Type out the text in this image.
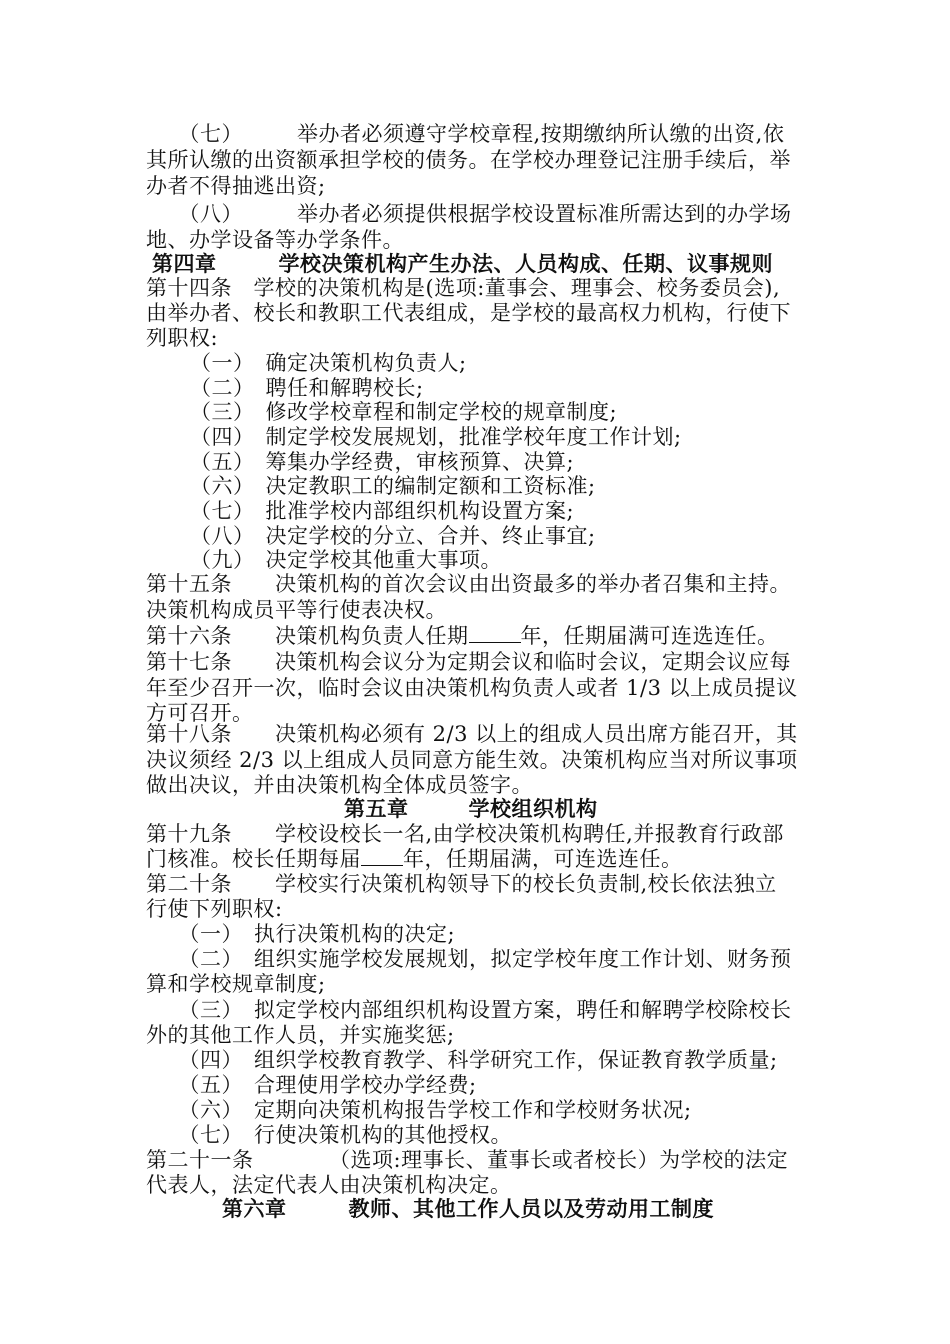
　　（七）　　　举办者必须遵守学校章程,按期缴纳所认缴的出资,依
其所认缴的出资额承担学校的债务。在学校办理登记注册手续后，举
办者不得抽逃出资;
　　（八）　　　举办者必须提供根据学校设置标准所需达到的办学场
地、办学设备等办学条件。
第四章	学校决策机构产生办法、人员构成、任期、议事规则
第十四条　学校的决策机构是(选项:董事会、理事会、校务委员会),
由举办者、校长和教职工代表组成，是学校的最高权力机构，行使下
列职权:
（一）　确定决策机构负责人;
（二）　聘任和解聘校长;
（三）　修改学校章程和制定学校的规章制度;
（四）　制定学校发展规划，批准学校年度工作计划;
（五）　筹集办学经费，审核预算、决算;
（六）　决定教职工的编制定额和工资标准;
（七）　批准学校内部组织机构设置方案;
（八）　决定学校的分立、合并、终止事宜;
（九）　决定学校其他重大事项。
第十五条　　决策机构的首次会议由出资最多的举办者召集和主持。
决策机构成员平等行使表决权。
第十六条　　决策机构负责人任期 年，任期届满可连选连任。
第十七条　　决策机构会议分为定期会议和临时会议，定期会议应每
年至少召开一次，临时会议由决策机构负责人或者 1/3 以上成员提议
方可召开。
第十八条　　决策机构必须有 2/3 以上的组成人员出席方能召开，其
决议须经 2/3 以上组成人员同意方能生效。决策机构应当对所议事项
做出决议，并由决策机构全体成员签字。
第五章	学校组织机构
第十九条　　学校设校长一名,由学校决策机构聘任,并报教育行政部
门核准。校长任期每届 年，任期届满，可连选连任。
第二十条　　学校实行决策机构领导下的校长负责制,校长依法独立
行使下列职权:
　　（一）　执行决策机构的决定;
　　（二）　组织实施学校发展规划，拟定学校年度工作计划、财务预
算和学校规章制度;
　　（三）　拟定学校内部组织机构设置方案，聘任和解聘学校除校长
外的其他工作人员，并实施奖惩;
　　（四）　组织学校教育教学、科学研究工作，保证教育教学质量;
　　（五）　合理使用学校办学经费;
　　（六）　定期向决策机构报告学校工作和学校财务状况;
　　（七）　行使决策机构的其他授权。
第二十一条　　　　（选项:理事长、董事长或者校长）为学校的法定
代表人，法定代表人由决策机构决定。
第六章	教师、其他工作人员以及劳动用工制度
